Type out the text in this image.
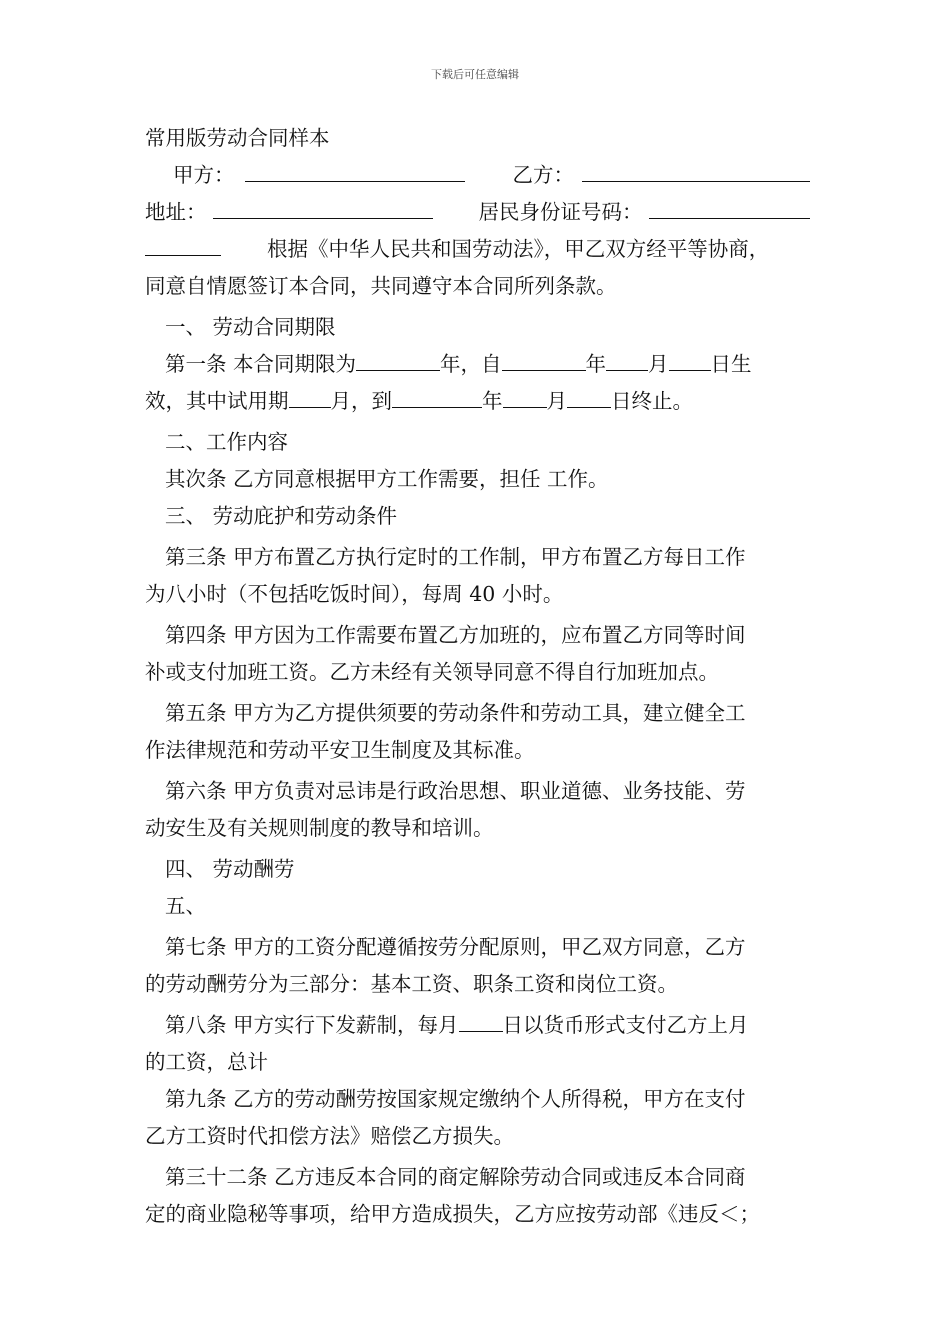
下载后可任意编辑
常用版劳动合同样本
甲方：	乙方：
地址：	居民身份证号码：
根据《中华人民共和国劳动法》，甲乙双方经平等协商，
同意自情愿签订本合同，共同遵守本合同所列条款。
一、 劳动合同期限
第一条 本合同期限为	年，自	年 月 日生
效，其中试用期 月，到	年 月 日终止。
二、工作内容
其次条 乙方同意根据甲方工作需要，担任 工作。
三、 劳动庇护和劳动条件
第三条 甲方布置乙方执行定时的工作制，甲方布置乙方每日工作
为八小时（不包括吃饭时间），每周 40 小时。
第四条 甲方因为工作需要布置乙方加班的，应布置乙方同等时间
补或支付加班工资。乙方未经有关领导同意不得自行加班加点。
第五条 甲方为乙方提供须要的劳动条件和劳动工具，建立健全工
作法律规范和劳动平安卫生制度及其标准。
第六条 甲方负责对忌讳是行政治思想、职业道德、业务技能、劳
动安生及有关规则制度的教导和培训。
四、 劳动酬劳
五、
第七条 甲方的工资分配遵循按劳分配原则，甲乙双方同意，乙方
的劳动酬劳分为三部分：基本工资、职条工资和岗位工资。
第八条 甲方实行下发薪制，每月 日以货币形式支付乙方上月
的工资，总计
第九条 乙方的劳动酬劳按国家规定缴纳个人所得税，甲方在支付
乙方工资时代扣偿方法》赔偿乙方损失。
第三十二条 乙方违反本合同的商定解除劳动合同或违反本合同商
定的商业隐秘等事项，给甲方造成损失，乙方应按劳动部《违反＜；
